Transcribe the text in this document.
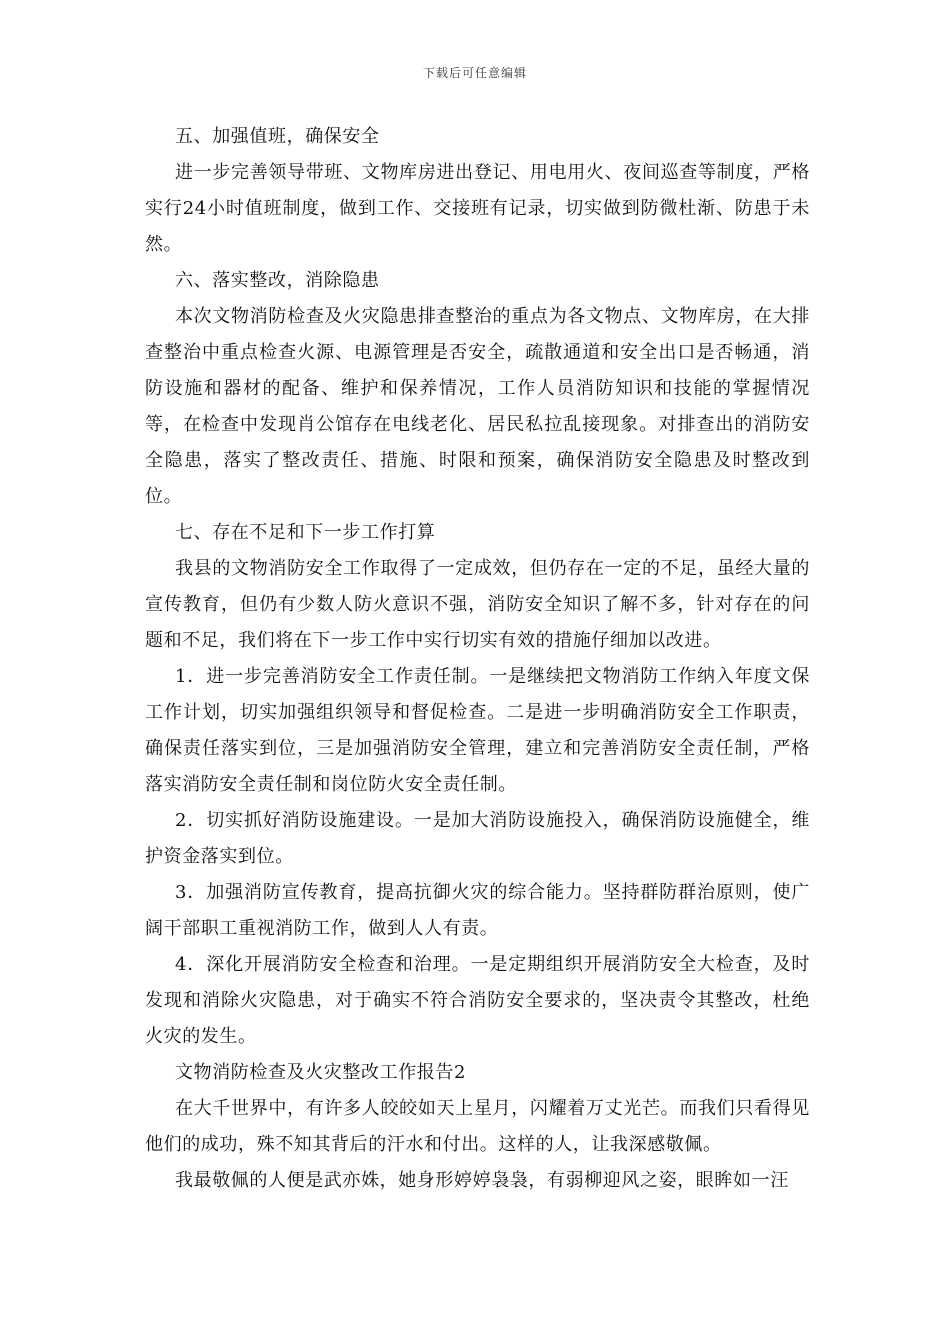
下载后可任意编辑

五、加强值班，确保安全

进一步完善领导带班、文物库房进出登记、用电用火、夜间巡查等制度，严格实行24小时值班制度，做到工作、交接班有记录，切实做到防微杜渐、防患于未然。

六、落实整改，消除隐患

本次文物消防检查及火灾隐患排查整治的重点为各文物点、文物库房，在大排查整治中重点检查火源、电源管理是否安全，疏散通道和安全出口是否畅通，消防设施和器材的配备、维护和保养情况，工作人员消防知识和技能的掌握情况等，在检查中发现肖公馆存在电线老化、居民私拉乱接现象。对排查出的消防安全隐患，落实了整改责任、措施、时限和预案，确保消防安全隐患及时整改到位。

七、存在不足和下一步工作打算

我县的文物消防安全工作取得了一定成效，但仍存在一定的不足，虽经大量的宣传教育，但仍有少数人防火意识不强，消防安全知识了解不多，针对存在的问题和不足，我们将在下一步工作中实行切实有效的措施仔细加以改进。

1．进一步完善消防安全工作责任制。一是继续把文物消防工作纳入年度文保工作计划，切实加强组织领导和督促检查。二是进一步明确消防安全工作职责，确保责任落实到位，三是加强消防安全管理，建立和完善消防安全责任制，严格落实消防安全责任制和岗位防火安全责任制。

2．切实抓好消防设施建设。一是加大消防设施投入，确保消防设施健全，维护资金落实到位。

3．加强消防宣传教育，提高抗御火灾的综合能力。坚持群防群治原则，使广阔干部职工重视消防工作，做到人人有责。

4．深化开展消防安全检查和治理。一是定期组织开展消防安全大检查，及时发现和消除火灾隐患，对于确实不符合消防安全要求的，坚决责令其整改，杜绝火灾的发生。

文物消防检查及火灾整改工作报告2

在大千世界中，有许多人皎皎如天上星月，闪耀着万丈光芒。而我们只看得见他们的成功，殊不知其背后的汗水和付出。这样的人，让我深感敬佩。

我最敬佩的人便是武亦姝，她身形婷婷袅袅，有弱柳迎风之姿，眼眸如一汪
